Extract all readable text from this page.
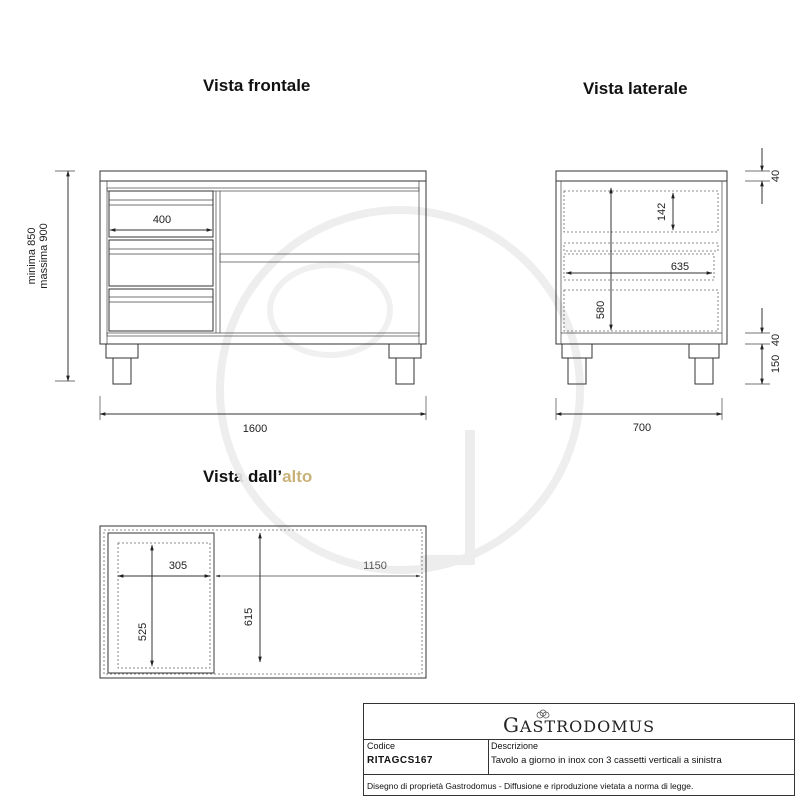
Vista frontale	Vista laterale
Vista dall’alto
400
1600
minima 850 massima 900
142
635
580
700
40
40
150
305	1150
525
615
GASTRODOMUS
Codice
RITAGCS167
Descrizione
Tavolo a giorno in inox con 3 cassetti verticali a sinistra
Disegno di proprietà Gastrodomus - Diffusione e riproduzione vietata a norma di legge.
